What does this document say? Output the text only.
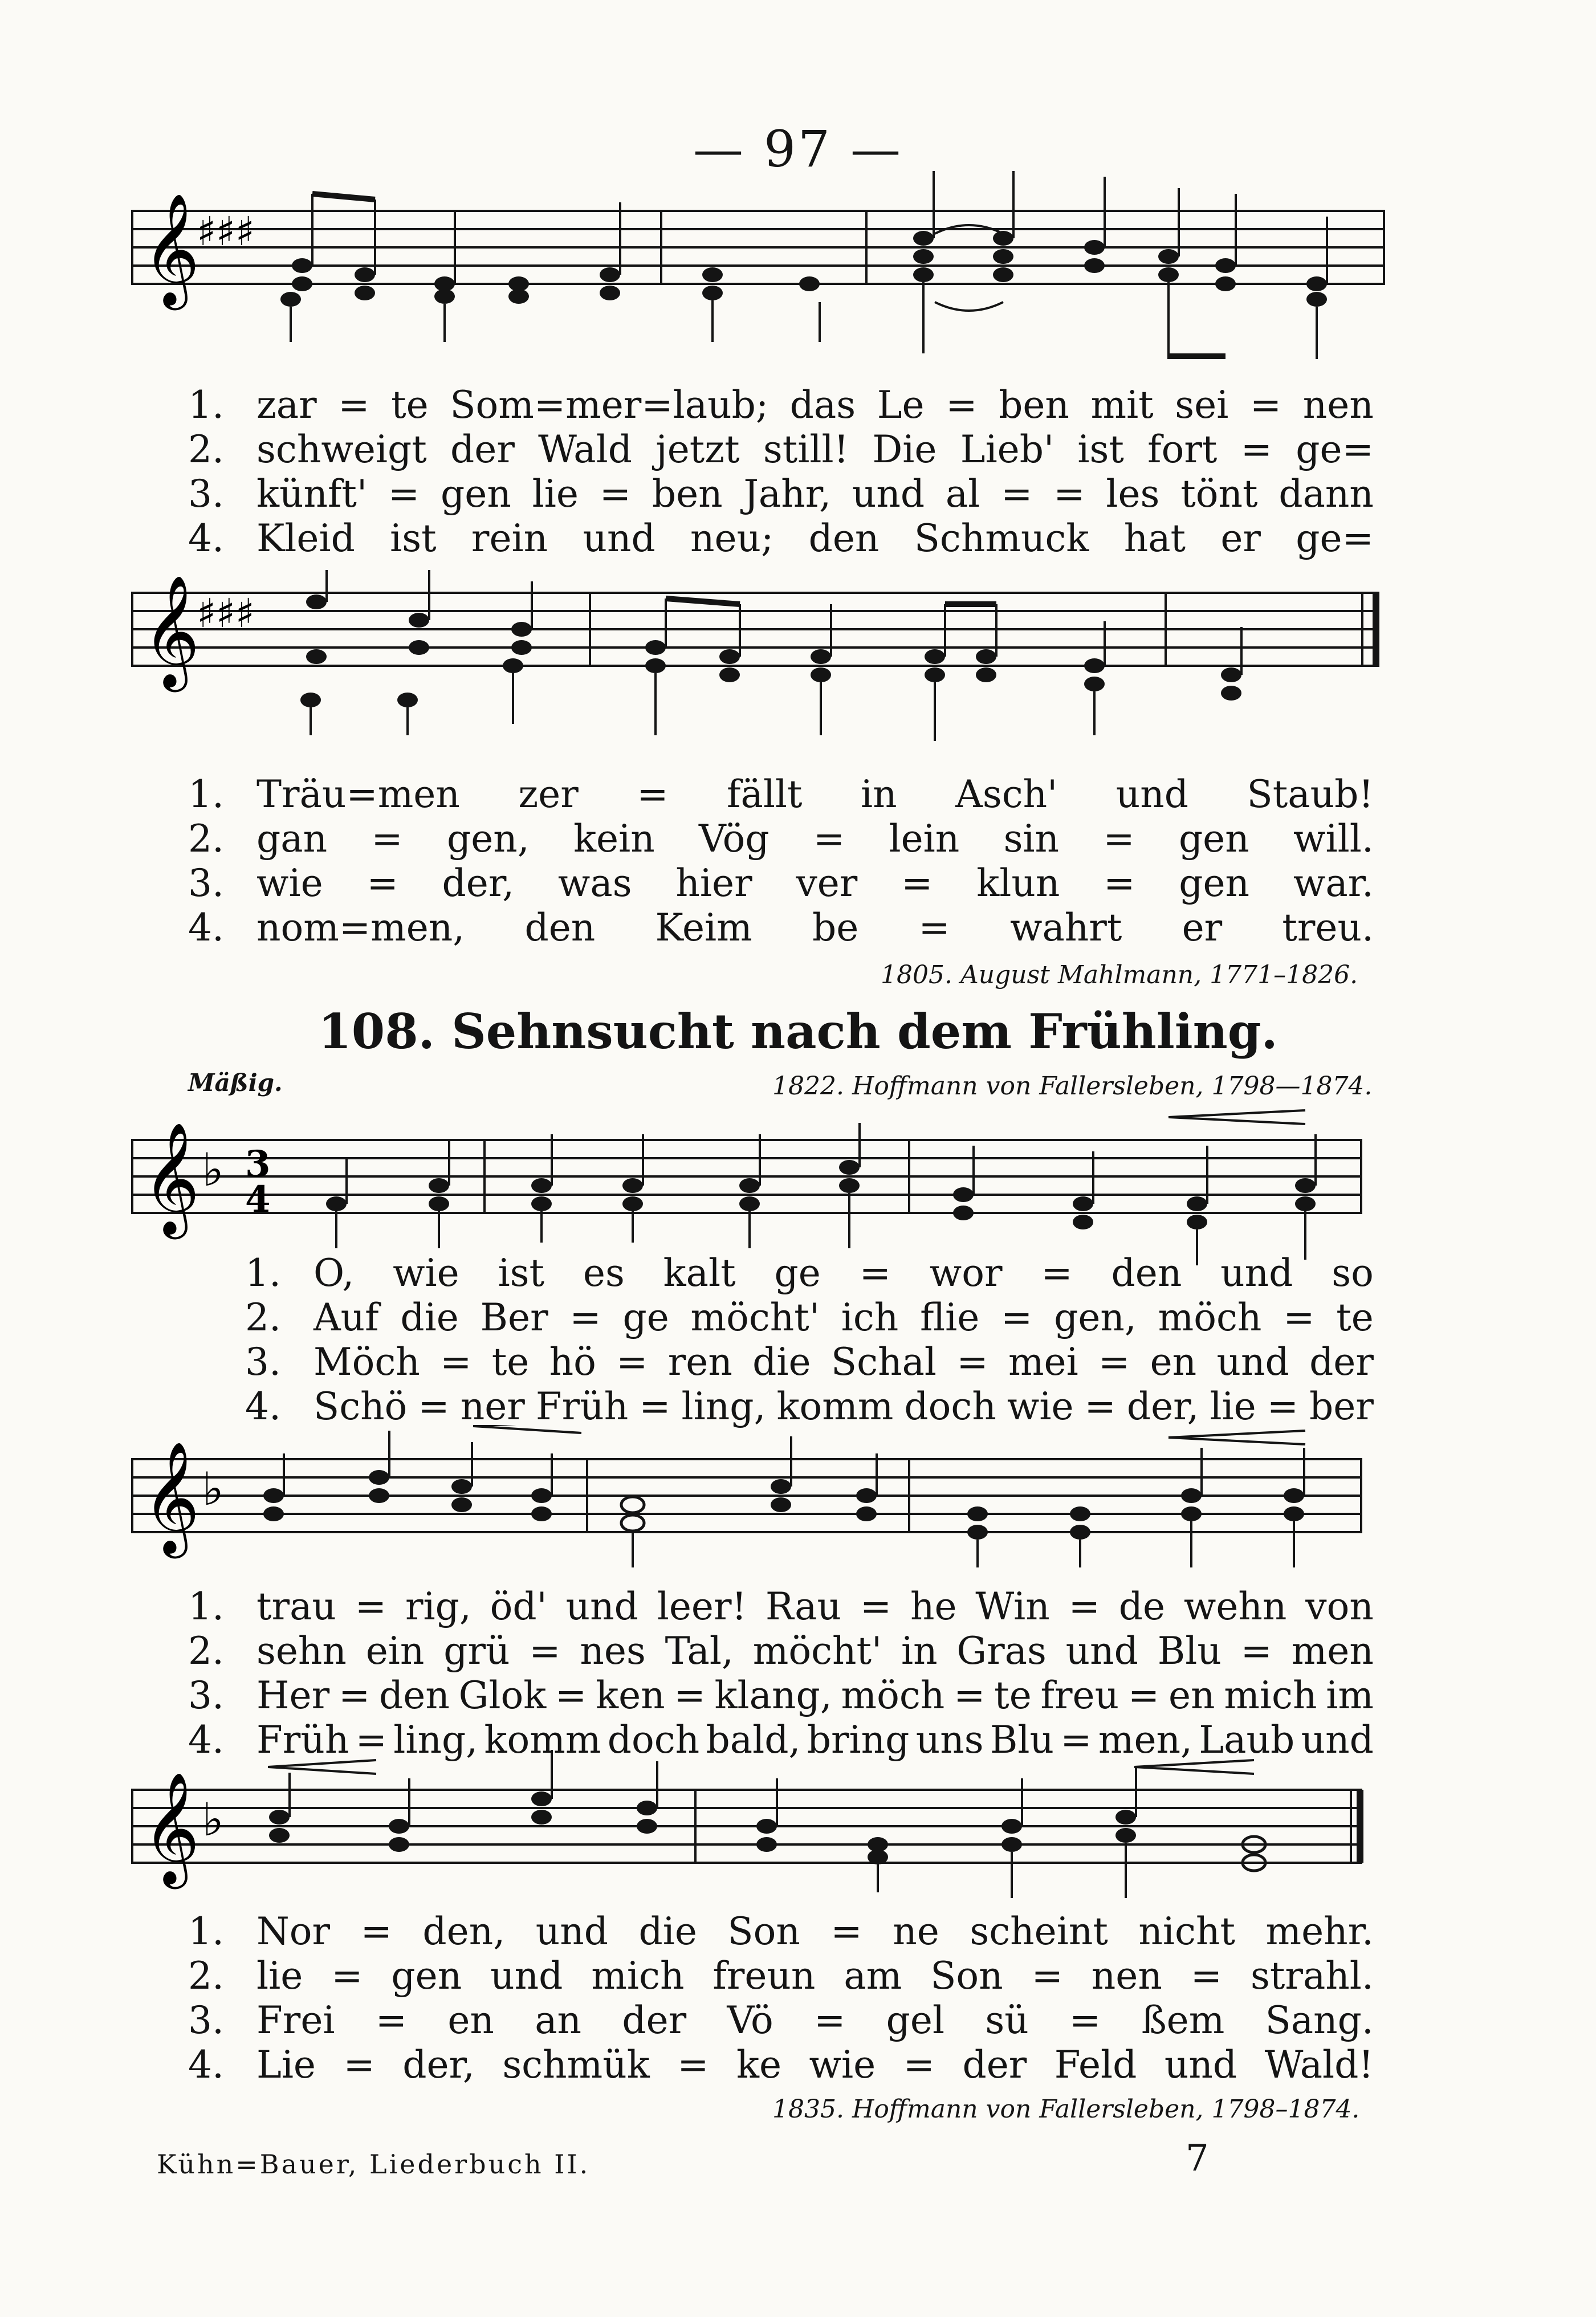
— 97 —
𝄞
♯♯♯
1. zar = te Som=mer=laub; das Le = ben mit sei = nen
2. schweigt der Wald jetzt still! Die Lieb' ist fort = ge=
3. künft' = gen lie = ben Jahr, und al = = les tönt dann
4. Kleid ist rein und neu; den Schmuck hat er ge=
𝄞
♯♯♯
1. Träu=men zer = fällt in Asch' und Staub!
2. gan = gen, kein Vög = lein sin = gen will.
3. wie = der, was hier ver = klun = gen war.
4. nom=men, den Keim be = wahrt er treu.
1805. August Mahlmann, 1771–1826.
108. Sehnsucht nach dem Frühling.
Mäßig.	1822. Hoffmann von Fallersleben, 1798—1874.
𝄞 ♭ 3
4
1. O, wie ist es kalt ge = wor = den und so
2. Auf die Ber = ge möcht' ich flie = gen, möch = te
3. Möch = te hö = ren die Schal = mei = en und der
4. Schö = ner Früh = ling, komm doch wie = der, lie = ber
𝄞 ♭
1. trau = rig, öd' und leer! Rau = he Win = de wehn von
2. sehn ein grü = nes Tal, möcht' in Gras und Blu = men
3. Her = den Glok = ken = klang, möch = te freu = en mich im
4. Früh = ling, komm doch bald, bring uns Blu = men, Laub und
𝄞 ♭
1. Nor = den, und die Son = ne scheint nicht mehr.
2. lie = gen und mich freun am Son = nen = strahl.
3. Frei = en an der Vö = gel sü = ßem Sang.
4. Lie = der, schmük = ke wie = der Feld und Wald!
1835. Hoffmann von Fallersleben, 1798–1874.
Kühn=Bauer, Liederbuch II.	7
